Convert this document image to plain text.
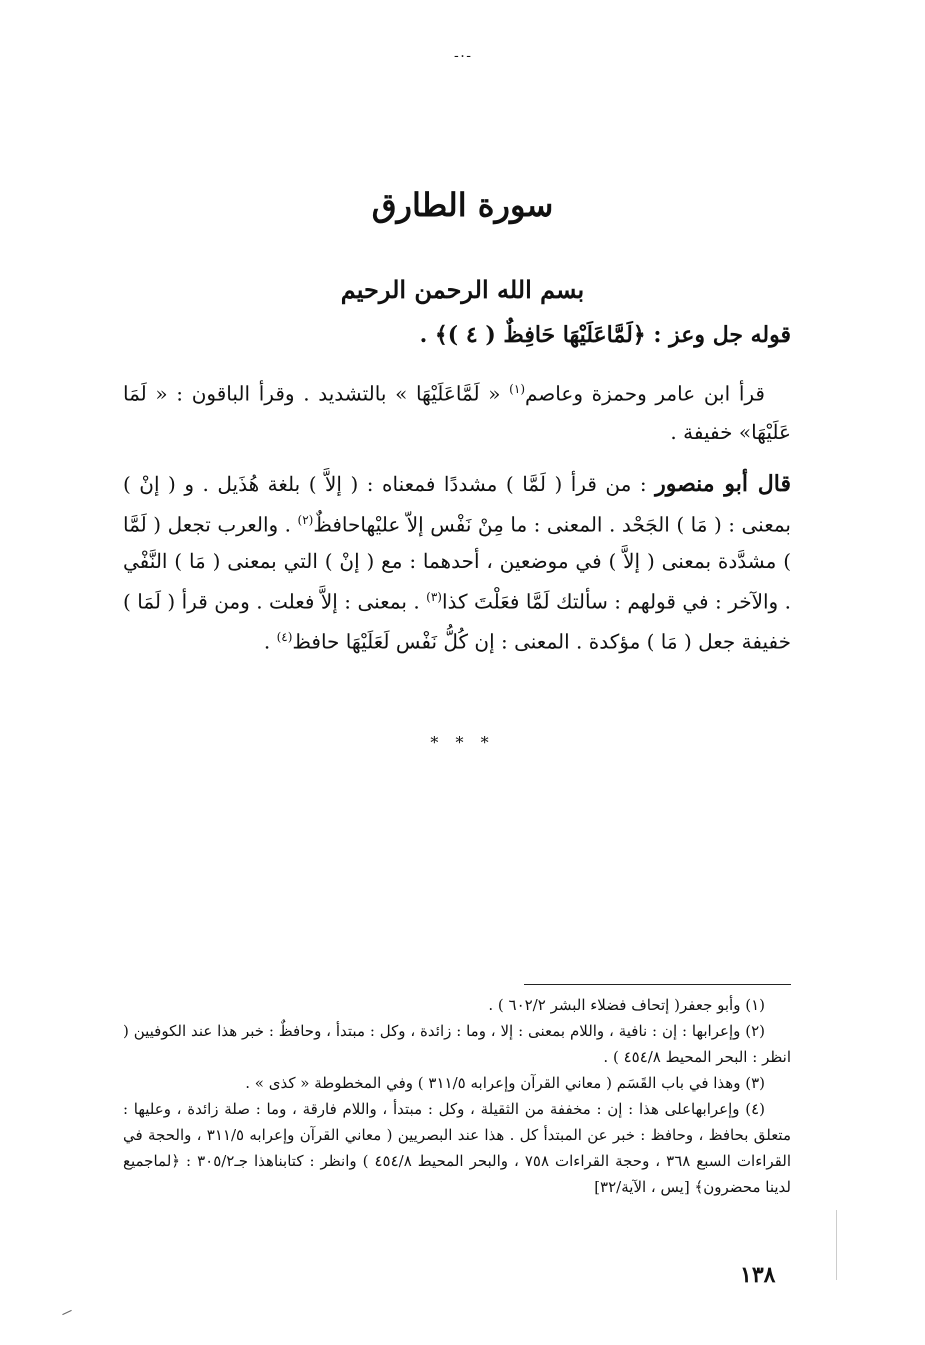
-٠-
سورة الطارق
بسم الله الرحمن الرحيم
قوله جل وعز : ﴿لَمَّاعَلَيْهَا حَافِظٌ ( ٤ )﴾ .
قرأ ابن عامر وحمزة وعاصم$^{(١)}$ « لَمَّاعَلَيْهَا » بالتشديد . وقرأ الباقون : « لَمَا عَلَيْهَا» خفيفة .
قال أبو منصور : من قرأ ( لَمَّا ) مشددًا فمعناه : ( إلاَّ ) بلغة هُذَيل . و ( إنْ ) بمعنى : ( مَا ) الجَحْد . المعنى : ما مِنْ نَفْس إلاّ عليْهاحافظٌ$^{(٢)}$ . والعرب تجعل ( لَمَّا ) مشدَّدة بمعنى ( إلاَّ ) في موضعين ، أحدهما : مع ( إنْ ) التي بمعنى ( مَا ) النَّفْي . والآخر : في قولهم : سألتك لَمَّا فعَلْتَ كذا$^{(٣)}$ . بمعنى : إلاَّ فعلت . ومن قرأ ( لَمَا ) خفيفة جعل ( مَا ) مؤكدة . المعنى : إن كُلُّ نَفْس لَعَلَيْهَا حافظ$^{(٤)}$ .
* * *

(١) وأبو جعفر( إتحاف فضلاء البشر ٦٠٢/٢ ) .

(٢) وإعرابها : إن : نافية ، واللام بمعنى : إلا ، وما : زائدة ، وكل : مبتدأ ، وحافظٌ : خبر هذا عند الكوفيين ( انظر : البحر المحيط ٤٥٤/٨ ) .

(٣) وهذا في باب القَسَم ( معاني القرآن وإعرابه ٣١١/٥ ) وفي المخطوطة « كذى » .

(٤) وإعرابهاعلى هذا : إن : مخففة من الثقيلة ، وكل : مبتدأ ، واللام فارقة ، وما : صلة زائدة ، وعليها : متعلق بحافظ ، وحافظ : خبر عن المبتدأ كل . هذا عند البصريين ( معاني القرآن وإعرابه ٣١١/٥ ، والحجة في القراءات السبع ٣٦٨ ، وحجة القراءات ٧٥٨ ، والبحر المحيط ٤٥٤/٨ ) وانظر : كتابناهذا جـ٣٠٥/٢ : ﴿لماجميع لدينا محضرون﴾ [يس ، الآية/٣٢]

١٣٨
